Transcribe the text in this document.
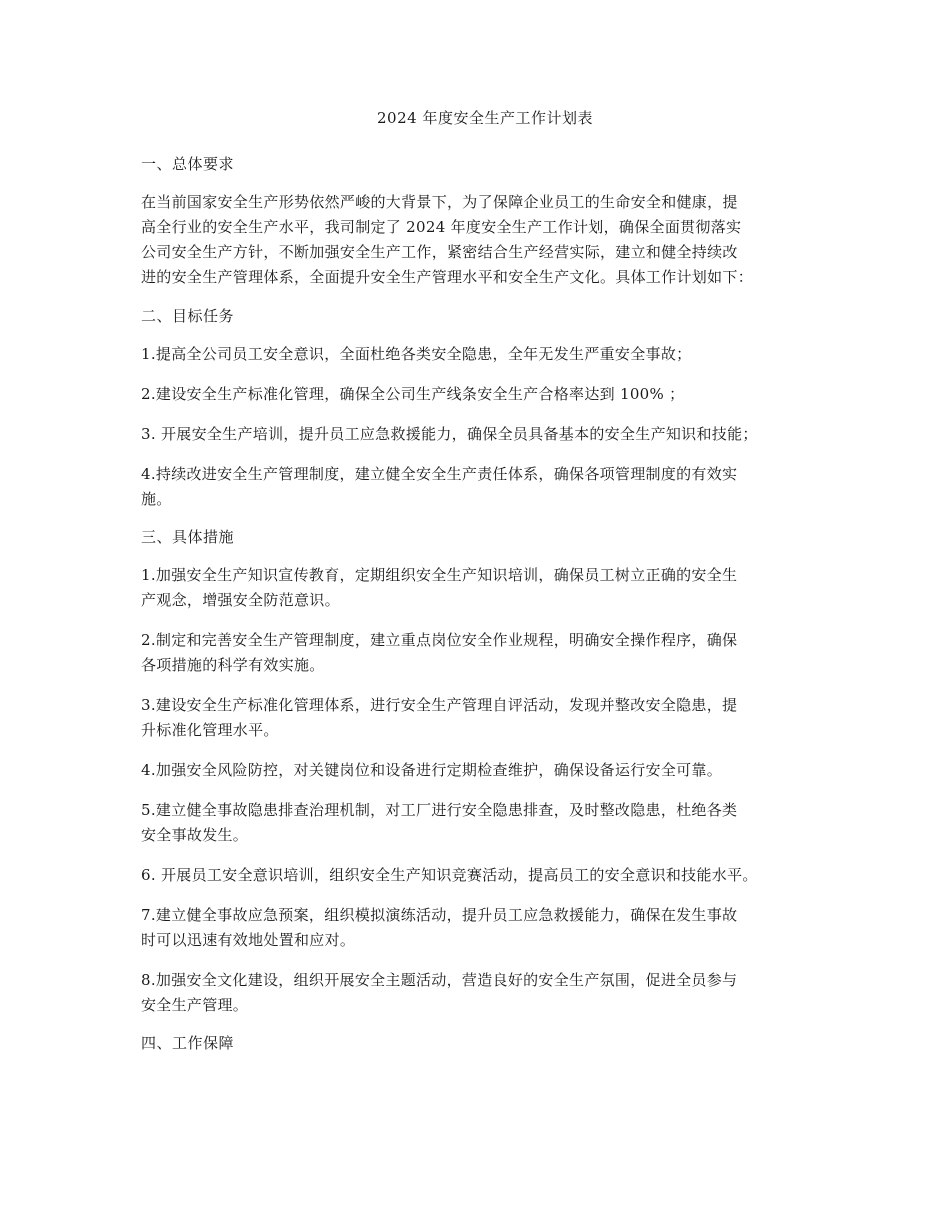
2024 年度安全生产工作计划表
一、总体要求
在当前国家安全生产形势依然严峻的大背景下，为了保障企业员工的生命安全和健康，提
高全行业的安全生产水平，我司制定了 2024 年度安全生产工作计划，确保全面贯彻落实
公司安全生产方针，不断加强安全生产工作，紧密结合生产经营实际，建立和健全持续改
进的安全生产管理体系，全面提升安全生产管理水平和安全生产文化。具体工作计划如下：
二、目标任务
1.提高全公司员工安全意识，全面杜绝各类安全隐患，全年无发生严重安全事故；
2.建设安全生产标准化管理，确保全公司生产线条安全生产合格率达到 100% ；
3. 开展安全生产培训，提升员工应急救援能力，确保全员具备基本的安全生产知识和技能；
4.持续改进安全生产管理制度，建立健全安全生产责任体系，确保各项管理制度的有效实
施。
三、具体措施
1.加强安全生产知识宣传教育，定期组织安全生产知识培训，确保员工树立正确的安全生
产观念，增强安全防范意识。
2.制定和完善安全生产管理制度，建立重点岗位安全作业规程，明确安全操作程序，确保
各项措施的科学有效实施。
3.建设安全生产标准化管理体系，进行安全生产管理自评活动，发现并整改安全隐患，提
升标准化管理水平。
4.加强安全风险防控，对关键岗位和设备进行定期检查维护，确保设备运行安全可靠。
5.建立健全事故隐患排查治理机制，对工厂进行安全隐患排查，及时整改隐患，杜绝各类
安全事故发生。
6. 开展员工安全意识培训，组织安全生产知识竞赛活动，提高员工的安全意识和技能水平。
7.建立健全事故应急预案，组织模拟演练活动，提升员工应急救援能力，确保在发生事故
时可以迅速有效地处置和应对。
8.加强安全文化建设，组织开展安全主题活动，营造良好的安全生产氛围，促进全员参与
安全生产管理。
四、工作保障
